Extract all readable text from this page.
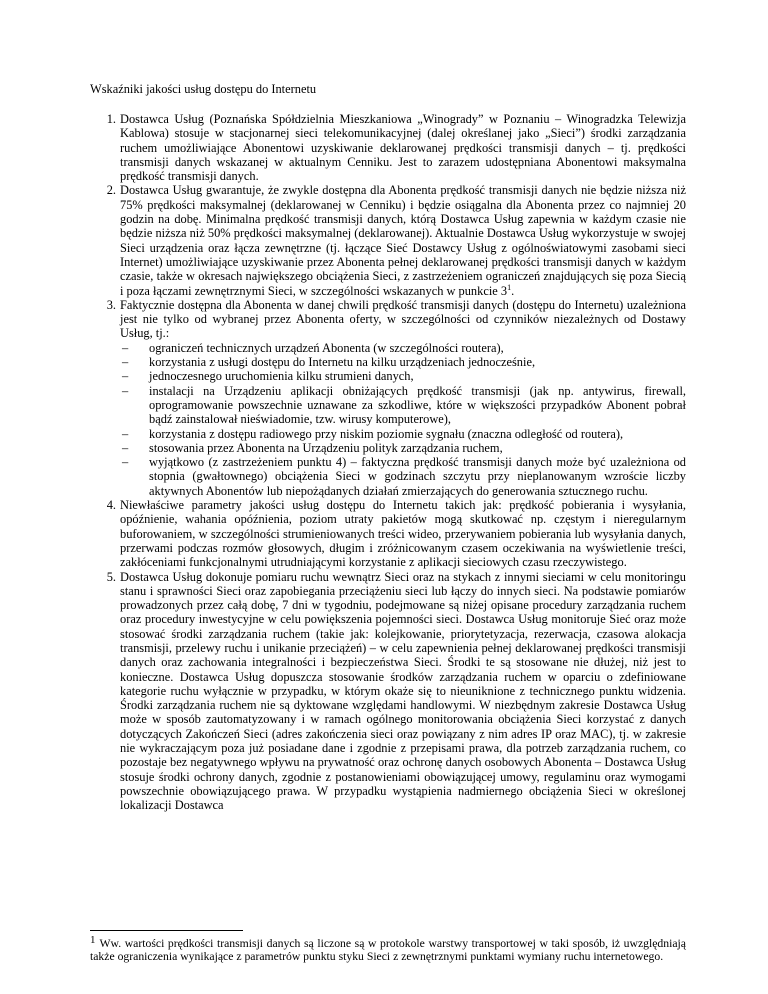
Wskaźniki jakości usług dostępu do Internetu
1. Dostawca Usług (Poznańska Spółdzielnia Mieszkaniowa „Winogrady” w Poznaniu – Winogradzka Telewizja Kablowa) stosuje w stacjonarnej sieci telekomunikacyjnej (dalej określanej jako „Sieci”) środki zarządzania ruchem umożliwiające Abonentowi uzyskiwanie deklarowanej prędkości transmisji danych – tj. prędkości transmisji danych wskazanej w aktualnym Cenniku. Jest to zarazem udostępniana Abonentowi maksymalna prędkość transmisji danych.
2. Dostawca Usług gwarantuje, że zwykle dostępna dla Abonenta prędkość transmisji danych nie będzie niższa niż 75% prędkości maksymalnej (deklarowanej w Cenniku) i będzie osiągalna dla Abonenta przez co najmniej 20 godzin na dobę. Minimalna prędkość transmisji danych, którą Dostawca Usług zapewnia w każdym czasie nie będzie niższa niż 50% prędkości maksymalnej (deklarowanej). Aktualnie Dostawca Usług wykorzystuje w swojej Sieci urządzenia oraz łącza zewnętrzne (tj. łączące Sieć Dostawcy Usług z ogólnoświatowymi zasobami sieci Internet) umożliwiające uzyskiwanie przez Abonenta pełnej deklarowanej prędkości transmisji danych w każdym czasie, także w okresach największego obciążenia Sieci, z zastrzeżeniem ograniczeń znajdujących się poza Siecią i poza łączami zewnętrznymi Sieci, w szczególności wskazanych w punkcie $3^1$.
3. Faktycznie dostępna dla Abonenta w danej chwili prędkość transmisji danych (dostępu do Internetu) uzależniona jest nie tylko od wybranej przez Abonenta oferty, w szczególności od czynników niezależnych od Dostawy Usług, tj.:
– ograniczeń technicznych urządzeń Abonenta (w szczególności routera),
– korzystania z usługi dostępu do Internetu na kilku urządzeniach jednocześnie,
– jednoczesnego uruchomienia kilku strumieni danych,
– instalacji na Urządzeniu aplikacji obniżających prędkość transmisji (jak np. antywirus, firewall, oprogramowanie powszechnie uznawane za szkodliwe, które w większości przypadków Abonent pobrał bądź zainstalował nieświadomie, tzw. wirusy komputerowe),
– korzystania z dostępu radiowego przy niskim poziomie sygnału (znaczna odległość od routera),
– stosowania przez Abonenta na Urządzeniu polityk zarządzania ruchem,
– wyjątkowo (z zastrzeżeniem punktu 4) – faktyczna prędkość transmisji danych może być uzależniona od stopnia (gwałtownego) obciążenia Sieci w godzinach szczytu przy nieplanowanym wzroście liczby aktywnych Abonentów lub niepożądanych działań zmierzających do generowania sztucznego ruchu.
4. Niewłaściwe parametry jakości usług dostępu do Internetu takich jak: prędkość pobierania i wysyłania, opóźnienie, wahania opóźnienia, poziom utraty pakietów mogą skutkować np. częstym i nieregularnym buforowaniem, w szczególności strumieniowanych treści wideo, przerywaniem pobierania lub wysyłania danych, przerwami podczas rozmów głosowych, długim i zróżnicowanym czasem oczekiwania na wyświetlenie treści, zakłóceniami funkcjonalnymi utrudniającymi korzystanie z aplikacji sieciowych czasu rzeczywistego.
5. Dostawca Usług dokonuje pomiaru ruchu wewnątrz Sieci oraz na stykach z innymi sieciami w celu monitoringu stanu i sprawności Sieci oraz zapobiegania przeciążeniu sieci lub łączy do innych sieci. Na podstawie pomiarów prowadzonych przez całą dobę, 7 dni w tygodniu, podejmowane są niżej opisane procedury zarządzania ruchem oraz procedury inwestycyjne w celu powiększenia pojemności sieci. Dostawca Usług monitoruje Sieć oraz może stosować środki zarządzania ruchem (takie jak: kolejkowanie, priorytetyzacja, rezerwacja, czasowa alokacja transmisji, przelewy ruchu i unikanie przeciążeń) – w celu zapewnienia pełnej deklarowanej prędkości transmisji danych oraz zachowania integralności i bezpieczeństwa Sieci. Środki te są stosowane nie dłużej, niż jest to konieczne. Dostawca Usług dopuszcza stosowanie środków zarządzania ruchem w oparciu o zdefiniowane kategorie ruchu wyłącznie w przypadku, w którym okaże się to nieuniknione z technicznego punktu widzenia. Środki zarządzania ruchem nie są dyktowane względami handlowymi. W niezbędnym zakresie Dostawca Usług może w sposób zautomatyzowany i w ramach ogólnego monitorowania obciążenia Sieci korzystać z danych dotyczących Zakończeń Sieci (adres zakończenia sieci oraz powiązany z nim adres IP oraz MAC), tj. w zakresie nie wykraczającym poza już posiadane dane i zgodnie z przepisami prawa, dla potrzeb zarządzania ruchem, co pozostaje bez negatywnego wpływu na prywatność oraz ochronę danych osobowych Abonenta – Dostawca Usług stosuje środki ochrony danych, zgodnie z postanowieniami obowiązującej umowy, regulaminu oraz wymogami powszechnie obowiązującego prawa. W przypadku wystąpienia nadmiernego obciążenia Sieci w określonej lokalizacji Dostawca
1 Ww. wartości prędkości transmisji danych są liczone są w protokole warstwy transportowej w taki sposób, iż uwzględniają także ograniczenia wynikające z parametrów punktu styku Sieci z zewnętrznymi punktami wymiany ruchu internetowego.
